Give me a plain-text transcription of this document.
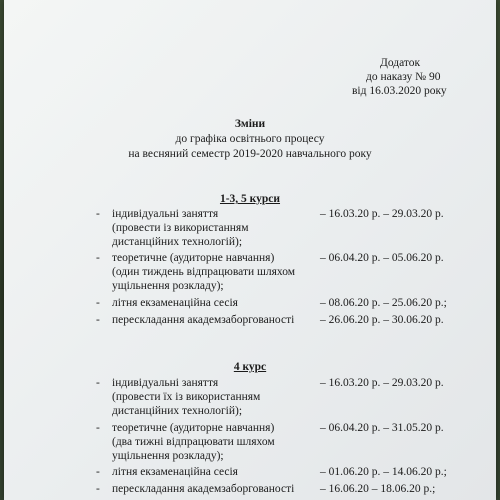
Додаток
до наказу № 90
від 16.03.2020 року
Зміни
до графіка освітнього процесу
на весняний семестр 2019-2020 навчального року
1-3, 5 курси
- індивідуальні заняття
(провести із використанням
дистанційних технологій);
– 16.03.20 р. – 29.03.20 р.
- теоретичне (аудиторне навчання)
(один тиждень відпрацювати шляхом
ущільнення розкладу);
– 06.04.20 р. – 05.06.20 р.
- літня екзаменаційна сесія	– 08.06.20 р. – 25.06.20 р.;
- перескладання академзаборгованості – 26.06.20 р. – 30.06.20 р.
4 курс
- індивідуальні заняття
(провести їх із використанням
дистанційних технологій);
– 16.03.20 р. – 29.03.20 р.
- теоретичне (аудиторне навчання)
(два тижні відпрацювати шляхом
ущільнення розкладу);
– 06.04.20 р. – 31.05.20 р.
- літня екзаменаційна сесія	– 01.06.20 р. – 14.06.20 р.;
- перескладання академзаборгованості – 16.06.20 – 18.06.20 р.;
